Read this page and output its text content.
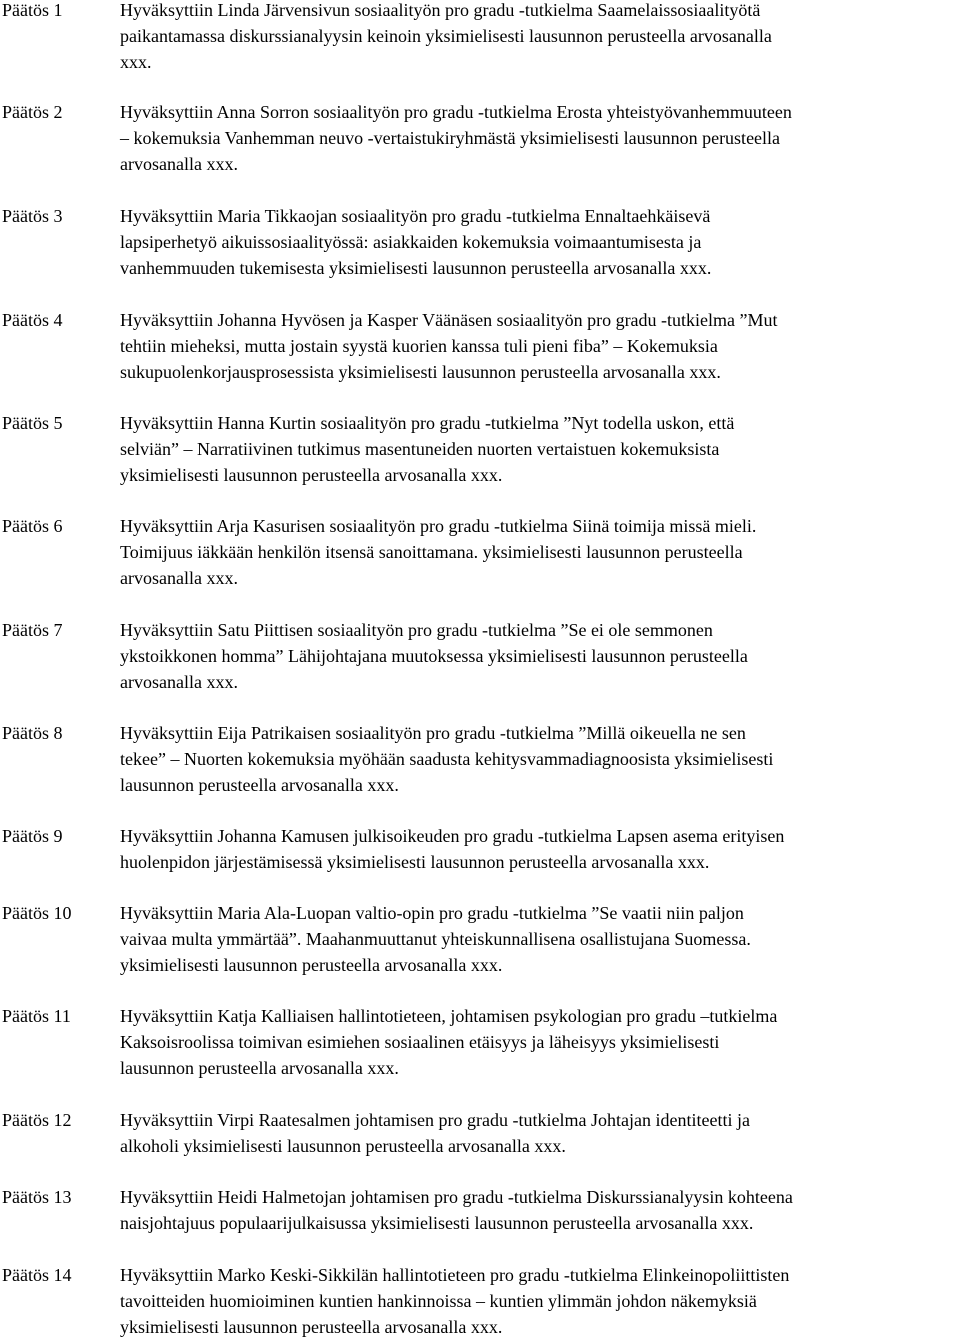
Päätös 1	Hyväksyttiin Linda Järvensivun sosiaalityön pro gradu -tutkielma Saamelaissosiaalityötä
paikantamassa diskurssianalyysin keinoin yksimielisesti lausunnon perusteella arvosanalla
xxx.
Päätös 2	Hyväksyttiin Anna Sorron sosiaalityön pro gradu -tutkielma Erosta yhteistyövanhemmuuteen
– kokemuksia Vanhemman neuvo -vertaistukiryhmästä yksimielisesti lausunnon perusteella
arvosanalla xxx.
Päätös 3	Hyväksyttiin Maria Tikkaojan sosiaalityön pro gradu -tutkielma Ennaltaehkäisevä
lapsiperhetyö aikuissosiaalityössä: asiakkaiden kokemuksia voimaantumisesta ja
vanhemmuuden tukemisesta yksimielisesti lausunnon perusteella arvosanalla xxx.
Päätös 4	Hyväksyttiin Johanna Hyvösen ja Kasper Väänäsen sosiaalityön pro gradu -tutkielma ”Mut
tehtiin mieheksi, mutta jostain syystä kuorien kanssa tuli pieni fiba” – Kokemuksia
sukupuolenkorjausprosessista yksimielisesti lausunnon perusteella arvosanalla xxx.
Päätös 5	Hyväksyttiin Hanna Kurtin sosiaalityön pro gradu -tutkielma ”Nyt todella uskon, että
selviän” – Narratiivinen tutkimus masentuneiden nuorten vertaistuen kokemuksista
yksimielisesti lausunnon perusteella arvosanalla xxx.
Päätös 6	Hyväksyttiin Arja Kasurisen sosiaalityön pro gradu -tutkielma Siinä toimija missä mieli.
Toimijuus iäkkään henkilön itsensä sanoittamana. yksimielisesti lausunnon perusteella
arvosanalla xxx.
Päätös 7	Hyväksyttiin Satu Piittisen sosiaalityön pro gradu -tutkielma ”Se ei ole semmonen
ykstoikkonen homma” Lähijohtajana muutoksessa yksimielisesti lausunnon perusteella
arvosanalla xxx.
Päätös 8	Hyväksyttiin Eija Patrikaisen sosiaalityön pro gradu -tutkielma ”Millä oikeuella ne sen
tekee” – Nuorten kokemuksia myöhään saadusta kehitysvammadiagnoosista yksimielisesti
lausunnon perusteella arvosanalla xxx.
Päätös 9	Hyväksyttiin Johanna Kamusen julkisoikeuden pro gradu -tutkielma Lapsen asema erityisen
huolenpidon järjestämisessä yksimielisesti lausunnon perusteella arvosanalla xxx.
Päätös 10	Hyväksyttiin Maria Ala-Luopan valtio-opin pro gradu -tutkielma ”Se vaatii niin paljon
vaivaa multa ymmärtää”. Maahanmuuttanut yhteiskunnallisena osallistujana Suomessa.
yksimielisesti lausunnon perusteella arvosanalla xxx.
Päätös 11	Hyväksyttiin Katja Kalliaisen hallintotieteen, johtamisen psykologian pro gradu –tutkielma
Kaksoisroolissa toimivan esimiehen sosiaalinen etäisyys ja läheisyys yksimielisesti
lausunnon perusteella arvosanalla xxx.
Päätös 12	Hyväksyttiin Virpi Raatesalmen johtamisen pro gradu -tutkielma Johtajan identiteetti ja
alkoholi yksimielisesti lausunnon perusteella arvosanalla xxx.
Päätös 13	Hyväksyttiin Heidi Halmetojan johtamisen pro gradu -tutkielma Diskurssianalyysin kohteena
naisjohtajuus populaarijulkaisussa yksimielisesti lausunnon perusteella arvosanalla xxx.
Päätös 14	Hyväksyttiin Marko Keski-Sikkilän hallintotieteen pro gradu -tutkielma Elinkeinopoliittisten
tavoitteiden huomioiminen kuntien hankinnoissa – kuntien ylimmän johdon näkemyksiä
yksimielisesti lausunnon perusteella arvosanalla xxx.
